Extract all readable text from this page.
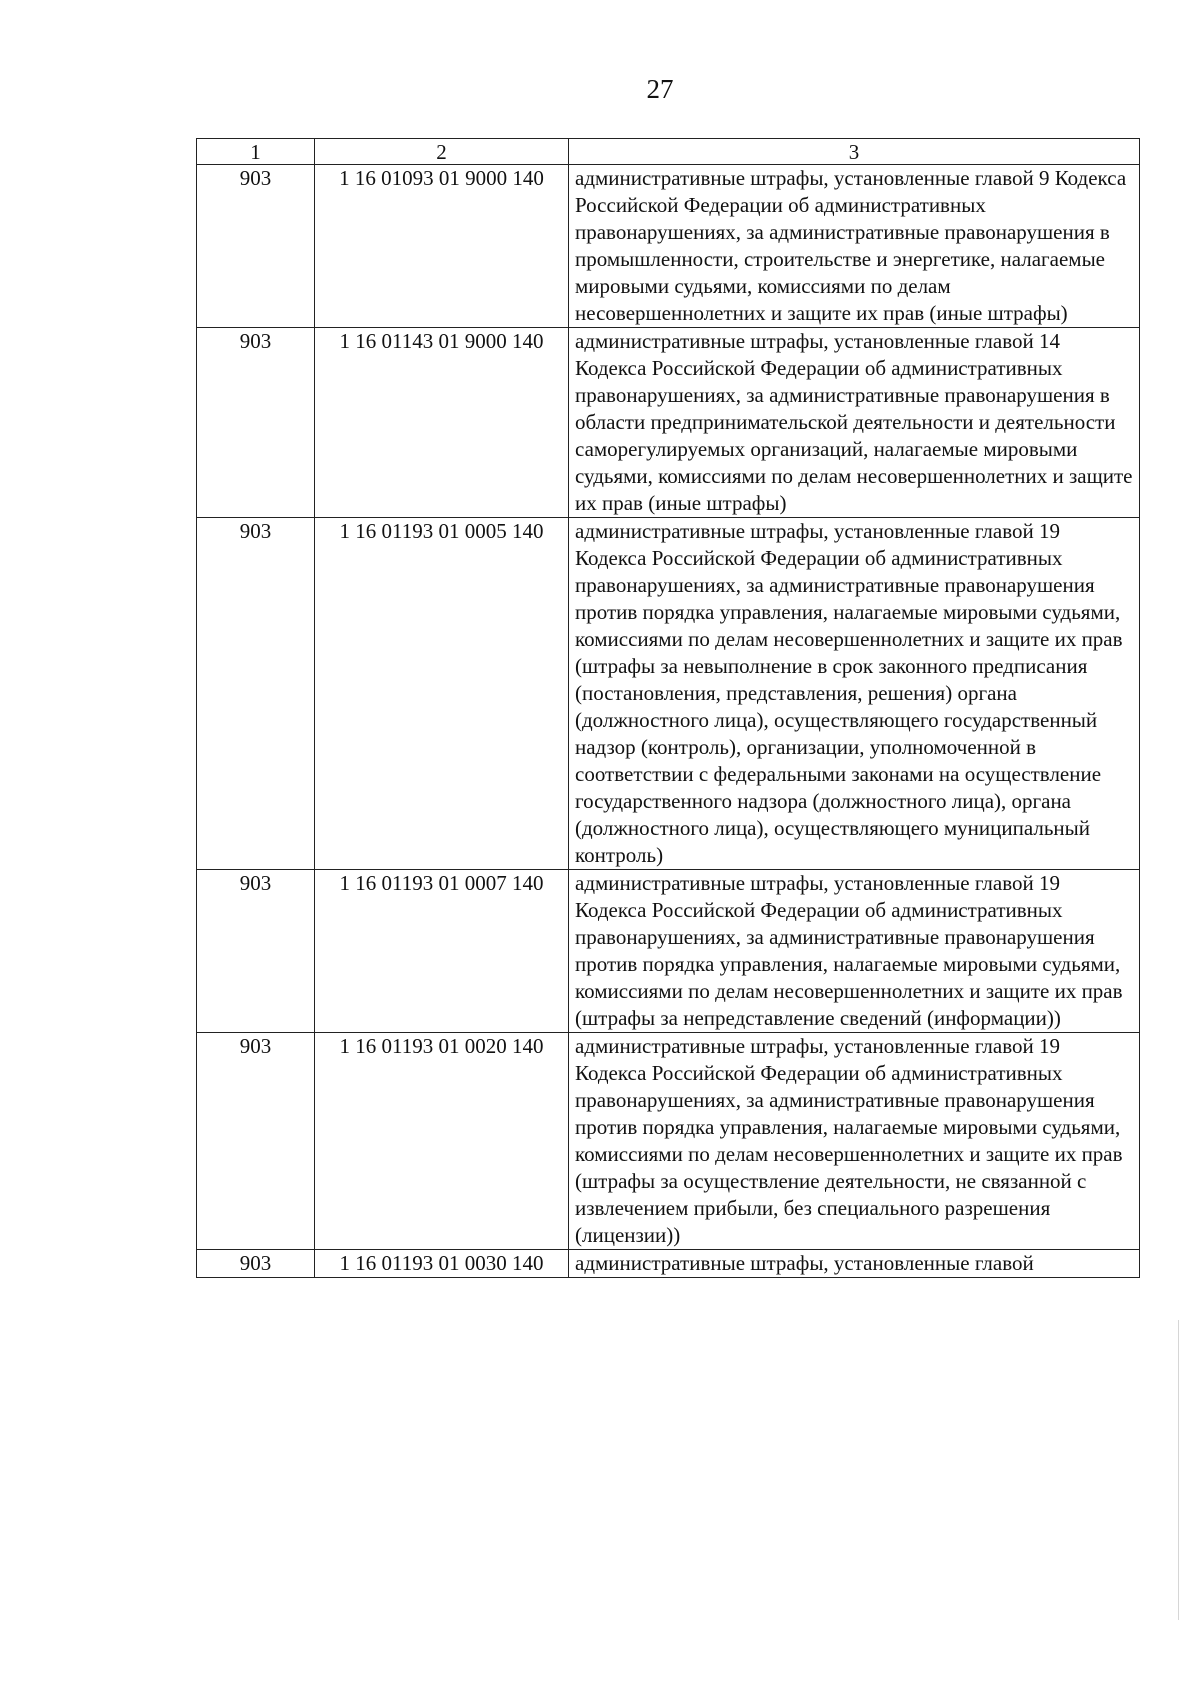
27
1	2	3
903	1 16 01093 01 9000 140	административные штрафы, установленные главой 9 Кодекса Российской Федерации об административных правонарушениях, за административные правонарушения в промышленности, строительстве и энергетике, налагаемые мировыми судьями, комиссиями по делам несовершеннолетних и защите их прав (иные штрафы)
903	1 16 01143 01 9000 140	административные штрафы, установленные главой 14 Кодекса Российской Федерации об административных правонарушениях, за административные правонарушения в области предпринимательской деятельности и деятельности саморегулируемых организаций, налагаемые мировыми судьями, комиссиями по делам несовершеннолетних и защите их прав (иные штрафы)
903	1 16 01193 01 0005 140	административные штрафы, установленные главой 19 Кодекса Российской Федерации об административных правонарушениях, за административные правонарушения против порядка управления, налагаемые мировыми судьями, комиссиями по делам несовершеннолетних и защите их прав (штрафы за невыполнение в срок законного предписания (постановления, представления, решения) органа (должностного лица), осуществляющего государственный надзор (контроль), организации, уполномоченной в соответствии с федеральными законами на осуществление государственного надзора (должностного лица), органа (должностного лица), осуществляющего муниципальный контроль)
903	1 16 01193 01 0007 140	административные штрафы, установленные главой 19 Кодекса Российской Федерации об административных правонарушениях, за административные правонарушения против порядка управления, налагаемые мировыми судьями, комиссиями по делам несовершеннолетних и защите их прав (штрафы за непредставление сведений (информации))
903	1 16 01193 01 0020 140	административные штрафы, установленные главой 19 Кодекса Российской Федерации об административных правонарушениях, за административные правонарушения против порядка управления, налагаемые мировыми судьями, комиссиями по делам несовершеннолетних и защите их прав (штрафы за осуществление деятельности, не связанной с извлечением прибыли, без специального разрешения (лицензии))
903	1 16 01193 01 0030 140	административные штрафы, установленные главой
